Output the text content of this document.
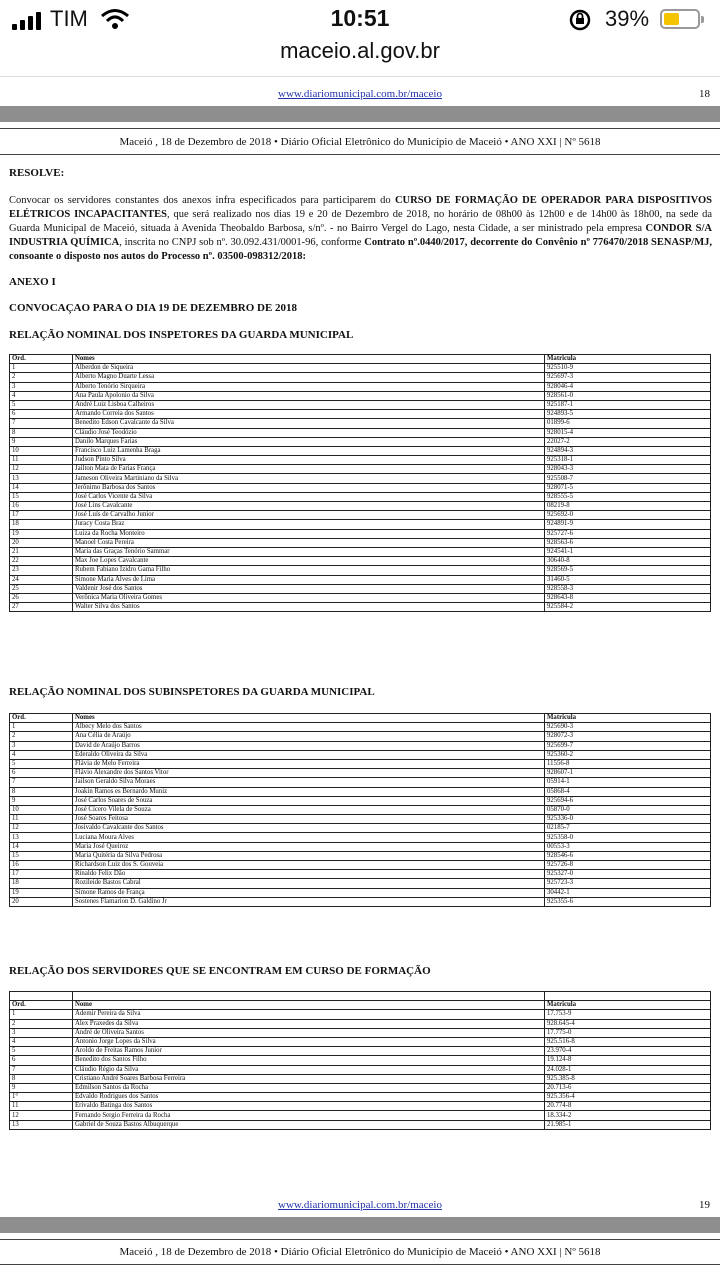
TIM	10:51	39%
maceio.al.gov.br
www.diariomunicipal.com.br/maceio	18
Maceió , 18 de Dezembro de 2018 • Diário Oficial Eletrônico do Município de Maceió • ANO XXI | Nº 5618
RESOLVE:
Convocar os servidores constantes dos anexos infra especificados para participarem do CURSO DE FORMAÇÃO DE OPERADOR PARA DISPOSITIVOS ELÉTRICOS INCAPACITANTES, que será realizado nos dias 19 e 20 de Dezembro de 2018, no horário de 08h00 às 12h00 e de 14h00 às 18h00, na sede da Guarda Municipal de Maceió, situada à Avenida Theobaldo Barbosa, s/nº. - no Bairro Vergel do Lago, nesta Cidade, a ser ministrado pela empresa CONDOR S/A INDUSTRIA QUÍMICA, inscrita no CNPJ sob nº. 30.092.431/0001-96, conforme Contrato nº.0440/2017, decorrente do Convênio nº 776470/2018 SENASP/MJ, consoante o disposto nos autos do Processo nº. 03500-098312/2018:
ANEXO I
CONVOCAÇAO PARA O DIA 19 DE DEZEMBRO DE 2018
RELAÇÃO NOMINAL DOS INSPETORES DA GUARDA MUNICIPAL
Ord.	Nomes	Matricula
1	Alberdon de Siqueira	925510-9
2	Alberto Magno Duarte Lessa	925697-3
3	Alberto Tenório Sirqueira	928046-4
4	Ana Paula Apolonio da Silva	928561-0
5	André Luiz Lisboa Calheiros	925187-1
6	Armando Correia dos Santos	924893-5
7	Benedito Edson Cavalcante da Silva	01899-6
8	Cláudio José Teodózio	928015-4
9	Danilo Marques Farias	22027-2
10	Francisco Luiz Lamenha Braga	924894-3
11	Judson Pinto Silva	925318-1
12	Jailton Mata de Farias França	928043-3
13	Jameson Oliveira Martiniano da Silva	925508-7
14	Jerônimo Barbosa dos Santos	928071-5
15	José Carlos Vicente da Silva	928555-5
16	José Lins Cavalcante	08219-8
17	José Luís de Carvalho Junior	925692-0
18	Juracy Costa Braz	924891-9
19	Luiza da Rocha Monteiro	925727-6
20	Manoel Costa Pereira	928563-6
21	Maria das Graças Tenório Sammar	924541-1
22	Max Joe Lopes Cavalcante	30640-8
23	Rubem Fabiano Izidro Gama Filho	928569-5
24	Simone Maria Alves de Lima	31460-5
25	Valdenir José dos Santos	928558-3
26	Verônica Maria Oliveira Gomes	928643-8
27	Walter Silva dos Santos	925584-2
RELAÇÃO NOMINAL DOS SUBINSPETORES DA GUARDA MUNICIPAL
Ord.	Nomes	Matricula
1	Albecy Melo dos Santos	925690-3
2	Ana Célia de Araújo	928072-3
3	David de Araújo Barros	925699-7
4	Ederaldo Oliveira da Silva	925360-2
5	Flávia de Melo Ferreira	11556-8
6	Flávio Alexandre dos Santos Vitor	928607-1
7	Jailson Geraldo Silva Moraes	05914-1
8	Joakin Ramos es Bernardo Muniz	05868-4
9	José Carlos Soares de Souza	925694-6
10	José Cícero Vilela de Souza	05870-0
11	José Soares Feitosa	925336-0
12	Josivaldo Cavalcante dos Santos	02185-7
13	Luciana Moura Alves	925358-0
14	Maria José Queiroz	00553-3
15	Maria Quitéria da Silva Pedrosa	928546-6
16	Richardson Luiz dos S. Gouveia	925726-8
17	Rinaldo Felix Dão	925327-0
18	Rozileide Bastos Cabral	925723-3
19	Simone Ramos de França	30442-1
20	Sostenes Flamarion D. Galdino Jr	925355-6
RELAÇÃO DOS SERVIDORES QUE SE ENCONTRAM EM CURSO DE FORMAÇÃO

Ord.	Nome	Matricula
1	Ademir Pereira da Silva	17.753-9
2	Alex Praxedes da Silva	928.645-4
3	André de Oliveira Santos	17.775-0
4	Antonio Jorge Lopes da Silva	925.516-8
5	Aroldo de Freitas Ramos Junior	23.970-4
6	Benedito dos Santos Filho	19.124-8
7	Cláudio Régio da Silva	24.028-1
8	Cristiano André Soares Barbosa Ferreira	925.385-8
9	Edmilson Santos da Rocha	20.713-6
1°	Edvaldo Rodrigues dos Santos	925.356-4
11	Erivaldo Batinga dos Santos	20.774-8
12	Fernando Sergio Ferreira da Rocha	18.334-2
13	Gabriel de Souza Bastos Albuquerque	21.985-1
www.diariomunicipal.com.br/maceio	19
Maceió , 18 de Dezembro de 2018 • Diário Oficial Eletrônico do Município de Maceió • ANO XXI | Nº 5618
